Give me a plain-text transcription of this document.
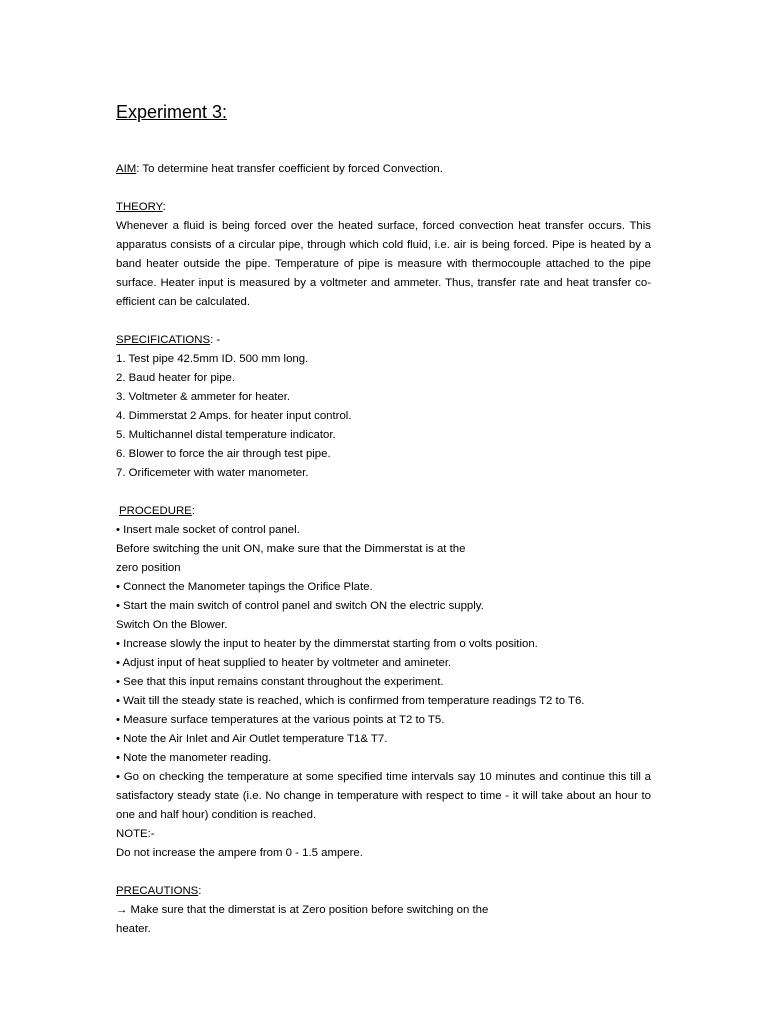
Experiment 3:
AIM: To determine heat transfer coefficient by forced Convection.
THEORY:
Whenever a fluid is being forced over the heated surface, forced convection heat transfer occurs. This apparatus consists of a circular pipe, through which cold fluid, i.e. air is being forced. Pipe is heated by a band heater outside the pipe. Temperature of pipe is measure with thermocouple attached to the pipe surface. Heater input is measured by a voltmeter and ammeter. Thus, transfer rate and heat transfer co-efficient can be calculated.
SPECIFICATIONS: -
1. Test pipe 42.5mm ID. 500 mm long.
2. Baud heater for pipe.
3. Voltmeter & ammeter for heater.
4. Dimmerstat 2 Amps. for heater input control.
5. Multichannel distal temperature indicator.
6. Blower to force the air through test pipe.
7. Orificemeter with water manometer.
PROCEDURE:
• Insert male socket of control panel.
Before switching the unit ON, make sure that the Dimmerstat is at the
zero position
• Connect the Manometer tapings the Orifice Plate.
• Start the main switch of control panel and switch ON the electric supply.
Switch On the Blower.
• Increase slowly the input to heater by the dimmerstat starting from o volts position.
• Adjust input of heat supplied to heater by voltmeter and amineter.
• See that this input remains constant throughout the experiment.
• Wait till the steady state is reached, which is confirmed from temperature readings T2 to T6.
• Measure surface temperatures at the various points at T2 to T5.
• Note the Air Inlet and Air Outlet temperature T1& T7.
• Note the manometer reading.
• Go on checking the temperature at some specified time intervals say 10 minutes and continue this till a satisfactory steady state (i.e. No change in temperature with respect to time - it will take about an hour to one and half hour) condition is reached.
NOTE:-
Do not increase the ampere from 0 - 1.5 ampere.
PRECAUTIONS:
→ Make sure that the dimerstat is at Zero position before switching on the
heater.
